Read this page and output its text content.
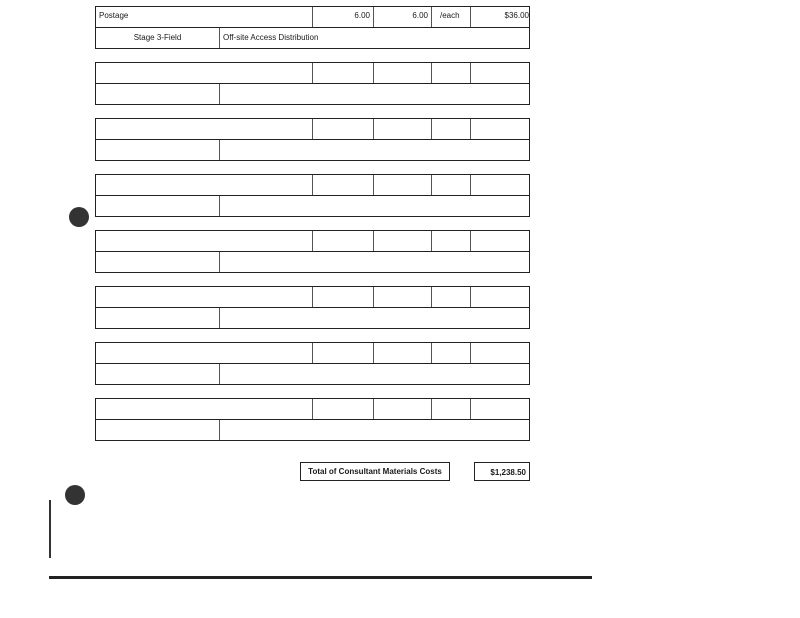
Postage	6.00	6.00 /each	$36.00
Stage 3-Field	Off-site Access Distribution
Total of Consultant Materials Costs	$1,238.50
